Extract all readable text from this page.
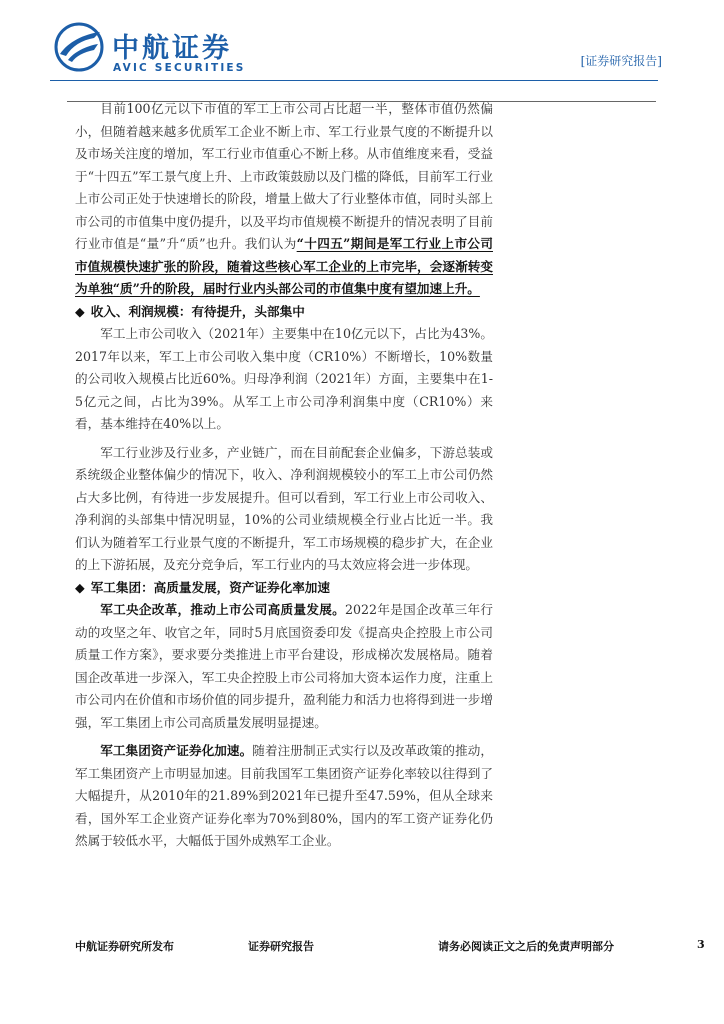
中航证券
AVIC SECURITIES	[证券研究报告]

目前100亿元以下市值的军工上市公司占比超一半，整体市值仍然偏小，但随着越来越多优质军工企业不断上市、军工行业景气度的不断提升以及市场关注度的增加，军工行业市值重心不断上移。从市值维度来看，受益于“十四五”军工景气度上升、上市政策鼓励以及门槛的降低，目前军工行业上市公司正处于快速增长的阶段，增量上做大了行业整体市值，同时头部上市公司的市值集中度仍提升，以及平均市值规模不断提升的情况表明了目前行业市值是“量”升“质”也升。我们认为“十四五”期间是军工行业上市公司市值规模快速扩张的阶段，随着这些核心军工企业的上市完毕，会逐渐转变为单独“质”升的阶段，届时行业内头部公司的市值集中度有望加速上升。

◆ 收入、利润规模：有待提升，头部集中

军工上市公司收入（2021年）主要集中在10亿元以下，占比为43%。2017年以来，军工上市公司收入集中度（CR10%）不断增长，10%数量的公司收入规模占比近60%。归母净利润（2021年）方面，主要集中在1-5亿元之间，占比为39%。从军工上市公司净利润集中度（CR10%）来看，基本维持在40%以上。

军工行业涉及行业多，产业链广，而在目前配套企业偏多，下游总装或系统级企业整体偏少的情况下，收入、净利润规模较小的军工上市公司仍然占大多比例，有待进一步发展提升。但可以看到，军工行业上市公司收入、净利润的头部集中情况明显，10%的公司业绩规模全行业占比近一半。我们认为随着军工行业景气度的不断提升，军工市场规模的稳步扩大，在企业的上下游拓展，及充分竞争后，军工行业内的马太效应将会进一步体现。

◆ 军工集团：高质量发展，资产证券化率加速

军工央企改革，推动上市公司高质量发展。2022年是国企改革三年行动的攻坚之年、收官之年，同时5月底国资委印发《提高央企控股上市公司质量工作方案》，要求要分类推进上市平台建设，形成梯次发展格局。随着国企改革进一步深入，军工央企控股上市公司将加大资本运作力度，注重上市公司内在价值和市场价值的同步提升，盈利能力和活力也将得到进一步增强，军工集团上市公司高质量发展明显提速。

军工集团资产证券化加速。随着注册制正式实行以及改革政策的推动，军工集团资产上市明显加速。目前我国军工集团资产证券化率较以往得到了大幅提升，从2010年的21.89%到2021年已提升至47.59%，但从全球来看，国外军工企业资产证券化率为70%到80%，国内的军工资产证券化仍然属于较低水平，大幅低于国外成熟军工企业。

中航证券研究所发布	证券研究报告	请务必阅读正文之后的免责声明部分	3
